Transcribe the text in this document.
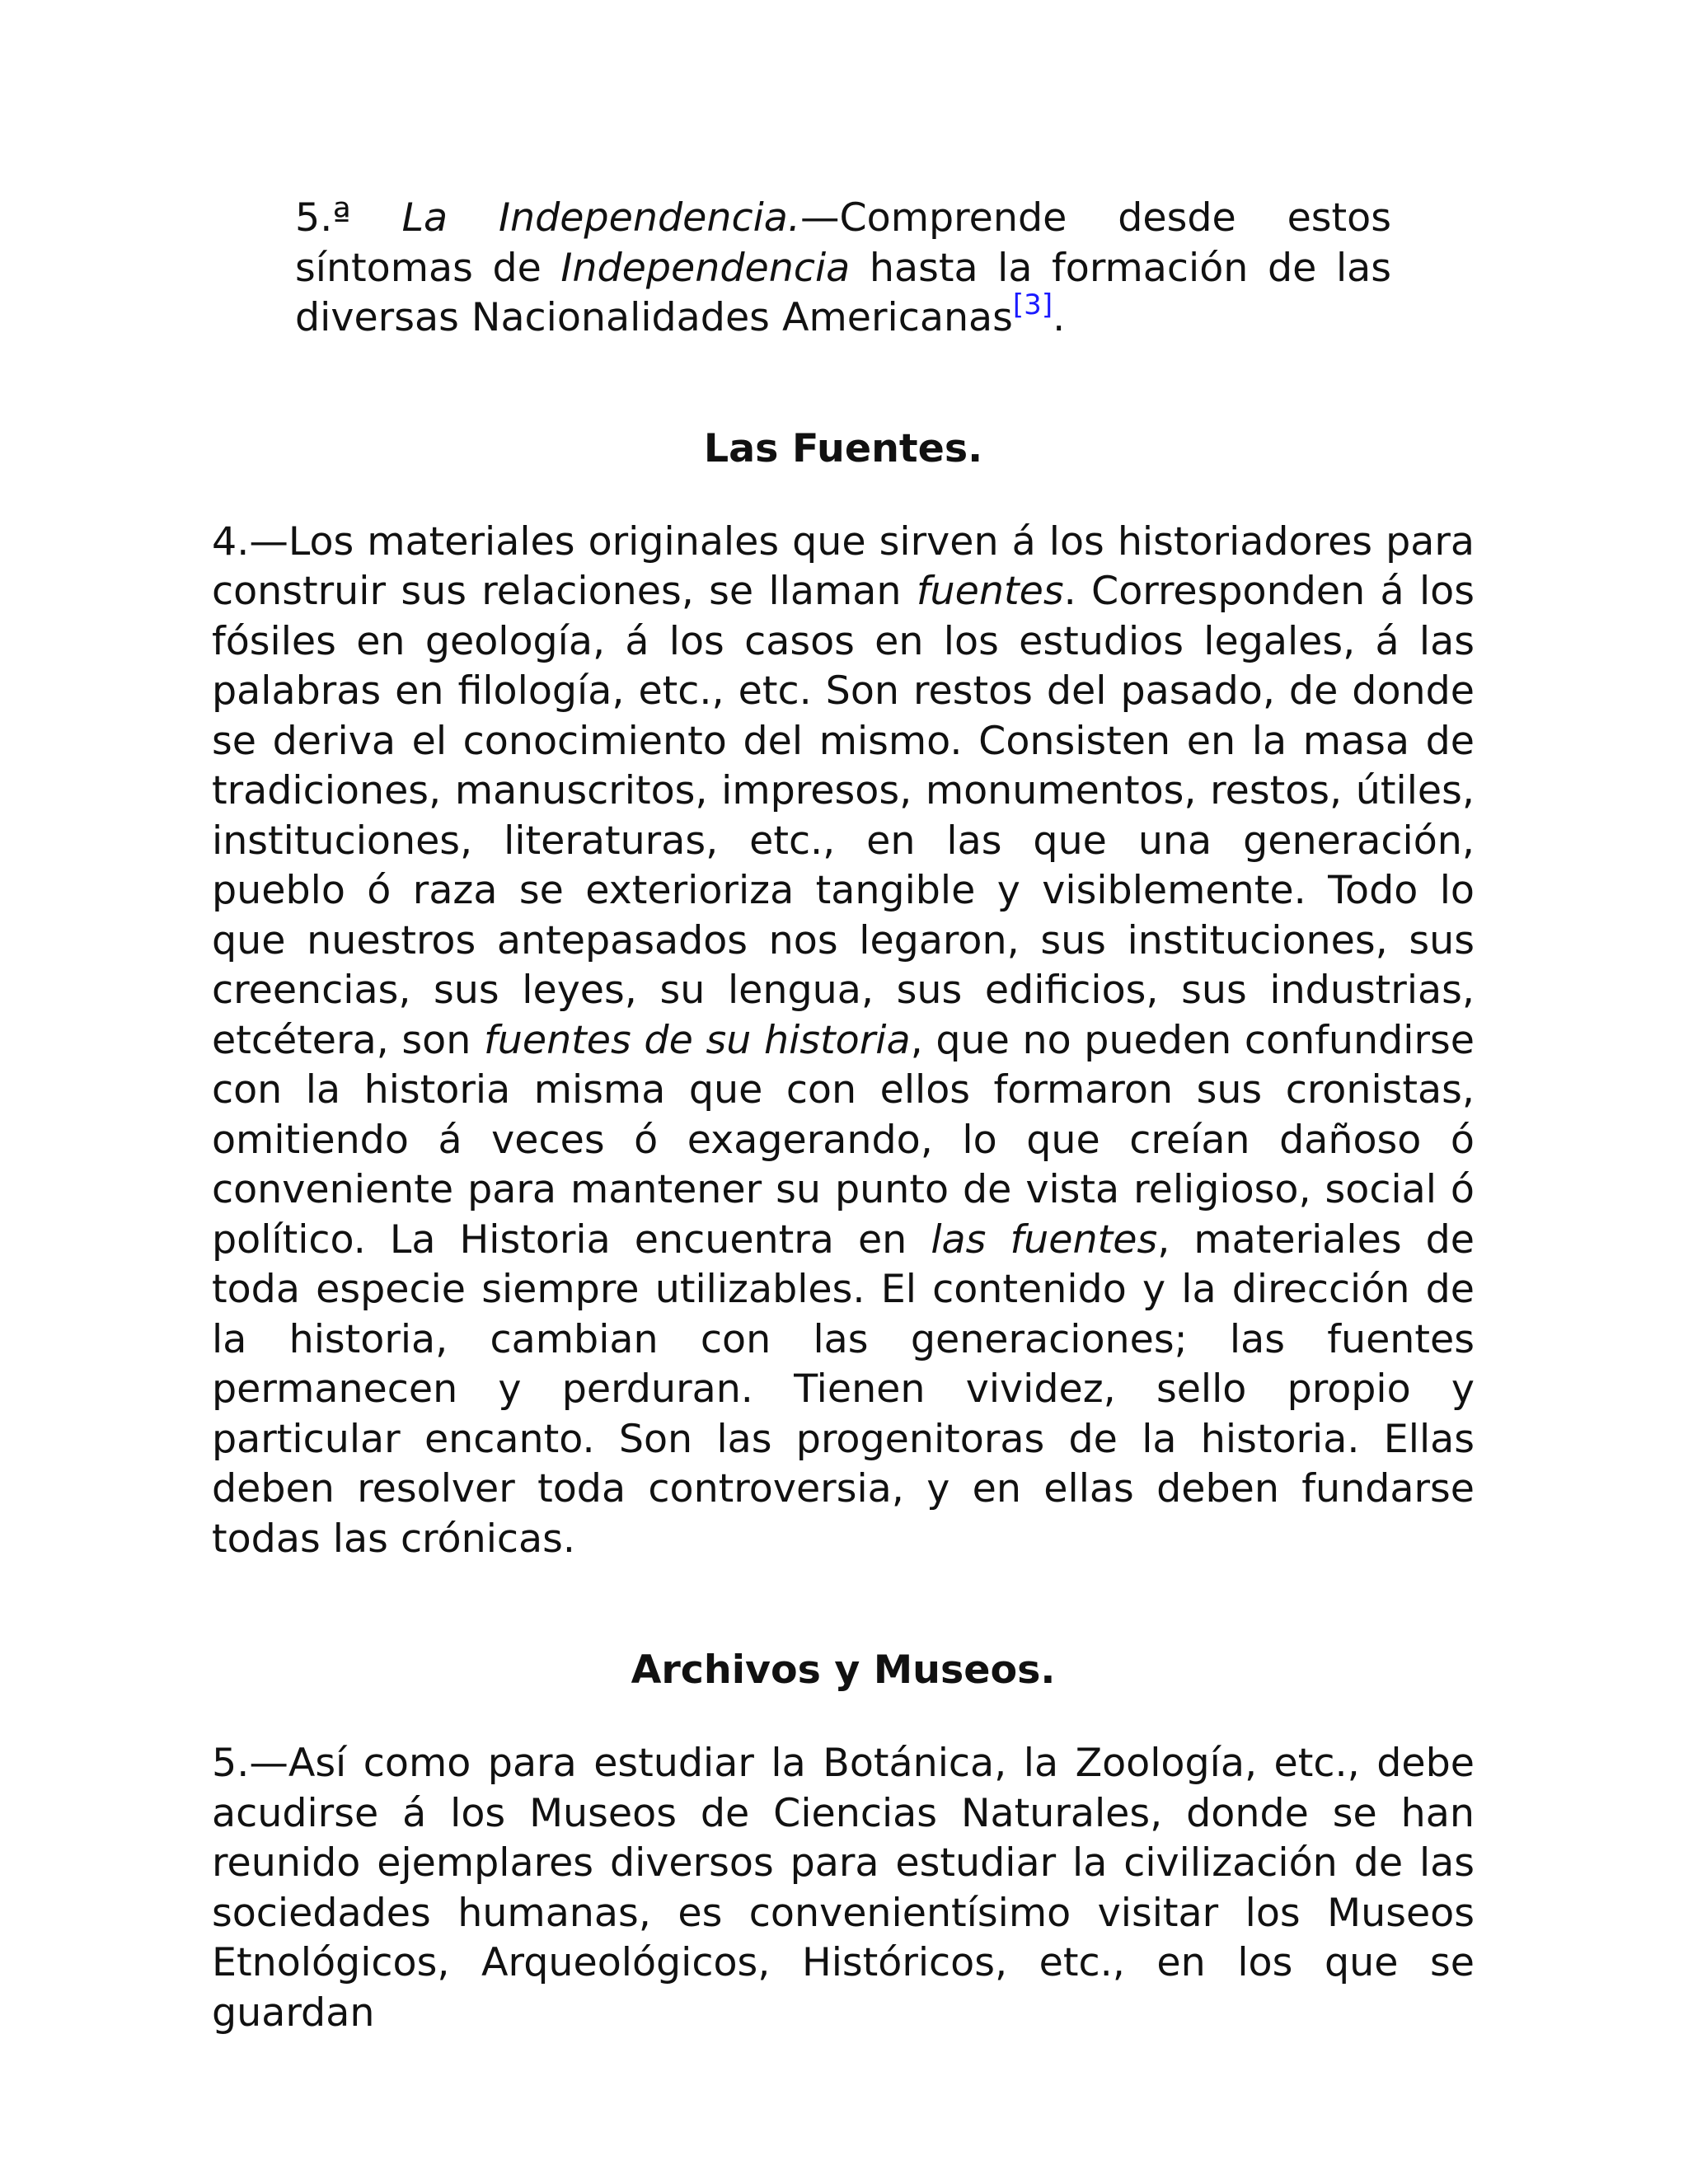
5.ª La Independencia.—Comprende desde estos síntomas de Independencia hasta la formación de las diversas Nacionalidades Americanas[3].

Las Fuentes.

4.—Los materiales originales que sirven á los historiadores para construir sus relaciones, se llaman fuentes. Corresponden á los fósiles en geología, á los casos en los estudios legales, á las palabras en filología, etc., etc. Son restos del pasado, de donde se deriva el conocimiento del mismo. Consisten en la masa de tradiciones, manuscritos, impresos, monumentos, restos, útiles, instituciones, literaturas, etc., en las que una generación, pueblo ó raza se exterioriza tangible y visiblemente. Todo lo que nuestros antepasados nos legaron, sus instituciones, sus creencias, sus leyes, su lengua, sus edificios, sus industrias, etcétera, son fuentes de su historia, que no pueden confundirse con la historia misma que con ellos formaron sus cronistas, omitiendo á veces ó exagerando, lo que creían dañoso ó conveniente para mantener su punto de vista religioso, social ó político. La Historia encuentra en las fuentes, materiales de toda especie siempre utilizables. El contenido y la dirección de la historia, cambian con las generaciones; las fuentes permanecen y perduran. Tienen vividez, sello propio y particular encanto. Son las progenitoras de la historia. Ellas deben resolver toda controversia, y en ellas deben fundarse todas las crónicas.

Archivos y Museos.

5.—Así como para estudiar la Botánica, la Zoología, etc., debe acudirse á los Museos de Ciencias Naturales, donde se han reunido ejemplares diversos para estudiar la civilización de las sociedades humanas, es convenientísimo visitar los Museos Etnológicos, Arqueológicos, Históricos, etc., en los que se guardan
